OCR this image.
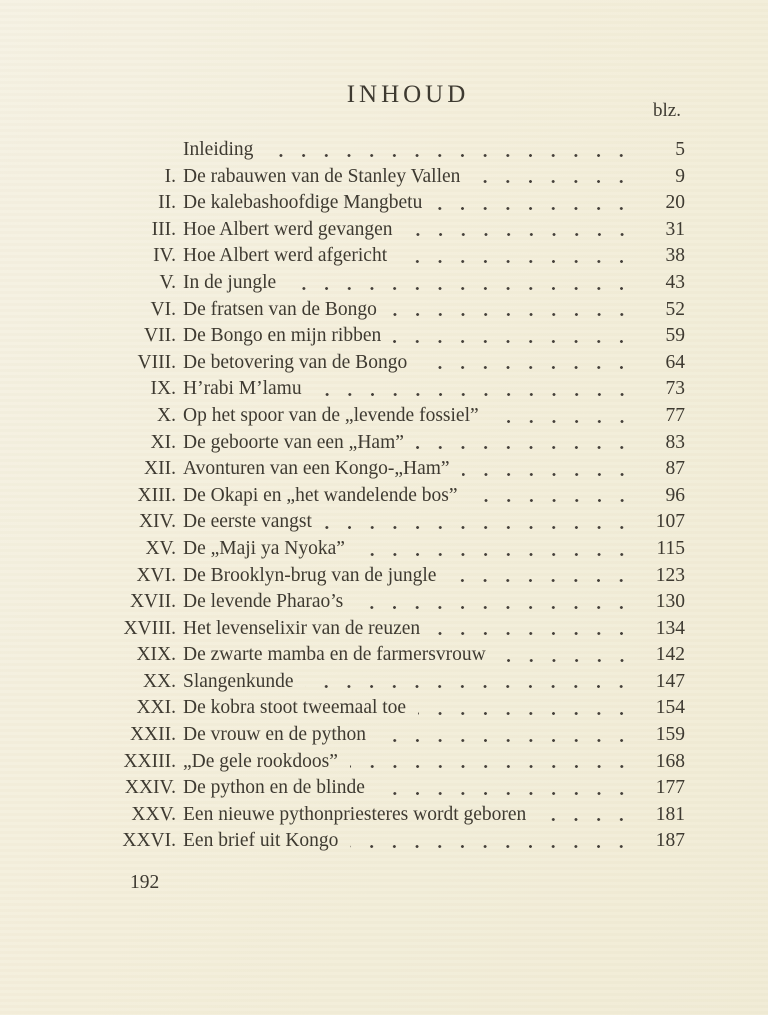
INHOUD
blz.
Inleiding	5
I. De rabauwen van de Stanley Vallen	9
II. De kalebashoofdige Mangbetu	20
III. Hoe Albert werd gevangen	31
IV. Hoe Albert werd afgericht	38
V. In de jungle	43
VI. De fratsen van de Bongo	52
VII. De Bongo en mijn ribben	59
VIII. De betovering van de Bongo	64
IX. H’rabi M’lamu	73
X. Op het spoor van de „levende fossiel”	77
XI. De geboorte van een „Ham”	83
XII. Avonturen van een Kongo-„Ham”	87
XIII. De Okapi en „het wandelende bos”	96
XIV. De eerste vangst	107
XV. De „Maji ya Nyoka”	115
XVI. De Brooklyn-brug van de jungle	123
XVII. De levende Pharao’s	130
XVIII. Het levenselixir van de reuzen	134
XIX. De zwarte mamba en de farmersvrouw	142
XX. Slangenkunde	147
XXI. De kobra stoot tweemaal toe	154
XXII. De vrouw en de python	159
XXIII. „De gele rookdoos”	168
XXIV. De python en de blinde	177
XXV. Een nieuwe pythonpriesteres wordt geboren	181
XXVI. Een brief uit Kongo	187
192
